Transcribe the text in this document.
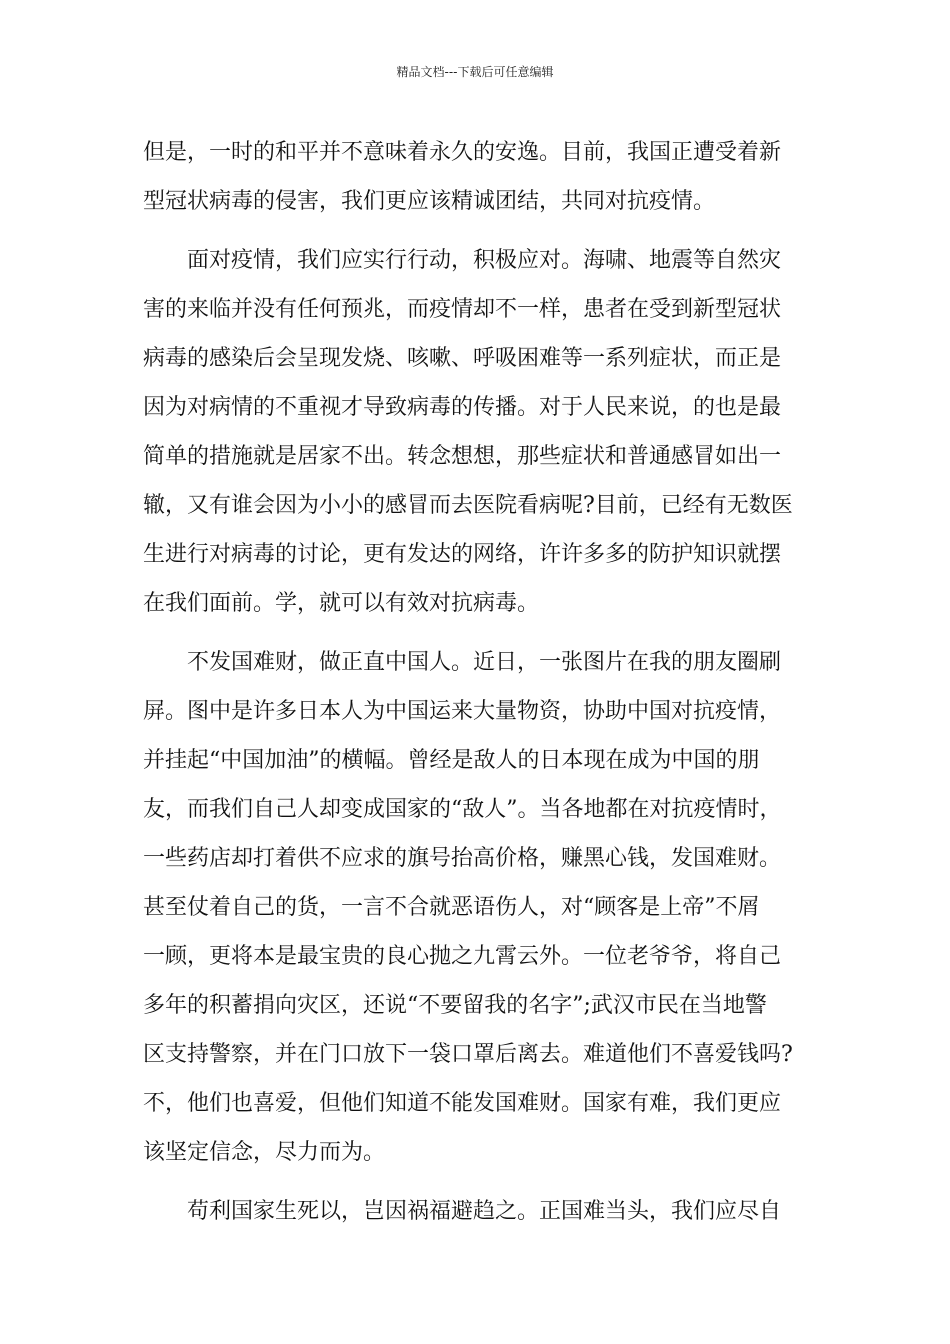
精品文档---下载后可任意编辑
但是，一时的和平并不意味着永久的安逸。目前，我国正遭受着新
型冠状病毒的侵害，我们更应该精诚团结，共同对抗疫情。
　　面对疫情，我们应实行行动，积极应对。海啸、地震等自然灾
害的来临并没有任何预兆，而疫情却不一样，患者在受到新型冠状
病毒的感染后会呈现发烧、咳嗽、呼吸困难等一系列症状，而正是
因为对病情的不重视才导致病毒的传播。对于人民来说，的也是最
简单的措施就是居家不出。转念想想，那些症状和普通感冒如出一
辙，又有谁会因为小小的感冒而去医院看病呢?目前，已经有无数医
生进行对病毒的讨论，更有发达的网络，许许多多的防护知识就摆
在我们面前。学，就可以有效对抗病毒。
　　不发国难财，做正直中国人。近日，一张图片在我的朋友圈刷
屏。图中是许多日本人为中国运来大量物资，协助中国对抗疫情，
并挂起“中国加油”的横幅。曾经是敌人的日本现在成为中国的朋
友，而我们自己人却变成国家的“敌人”。当各地都在对抗疫情时，
一些药店却打着供不应求的旗号抬高价格，赚黑心钱，发国难财。
甚至仗着自己的货，一言不合就恶语伤人，对“顾客是上帝”不屑
一顾，更将本是最宝贵的良心抛之九霄云外。一位老爷爷，将自己
多年的积蓄捐向灾区，还说“不要留我的名字”;武汉市民在当地警
区支持警察，并在门口放下一袋口罩后离去。难道他们不喜爱钱吗?
不，他们也喜爱，但他们知道不能发国难财。国家有难，我们更应
该坚定信念，尽力而为。
　　苟利国家生死以，岂因祸福避趋之。正国难当头，我们应尽自
